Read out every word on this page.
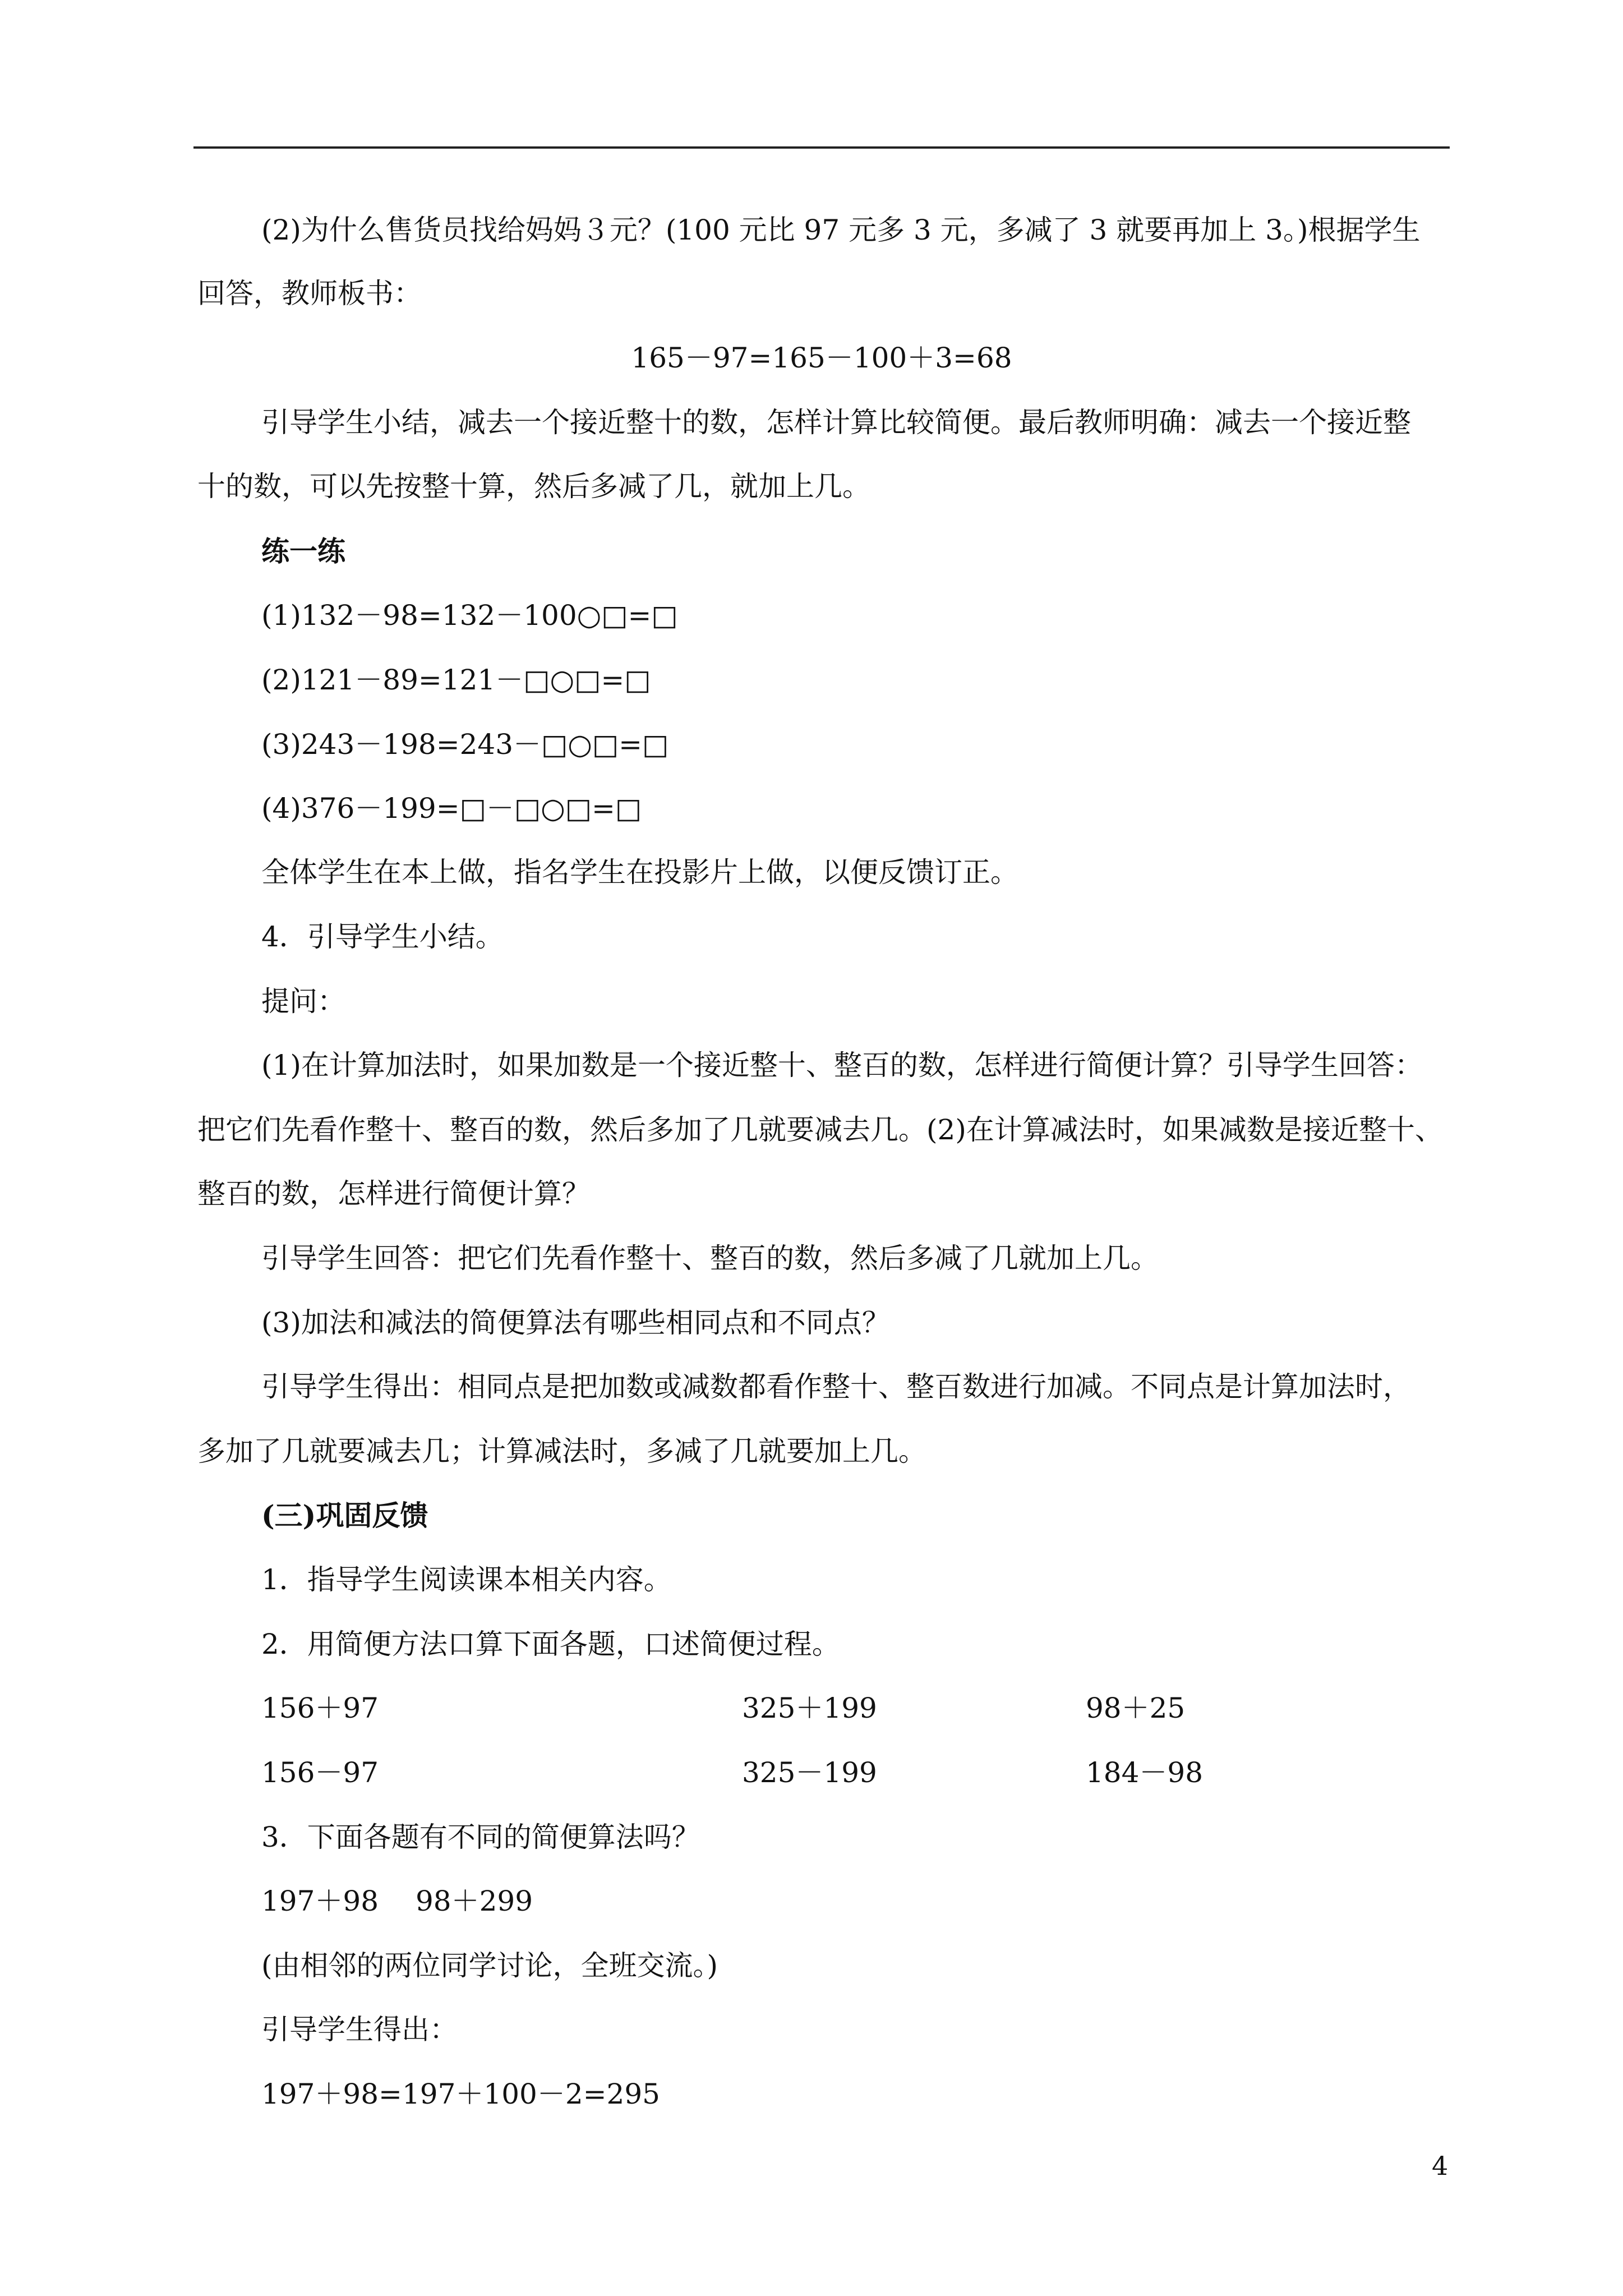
(2)为什么售货员找给妈妈３元？(100 元比 97 元多 3 元，多减了 3 就要再加上 3。)根据学生
回答，教师板书：
165－97=165－100＋3=68
引导学生小结，减去一个接近整十的数，怎样计算比较简便。最后教师明确：减去一个接近整
十的数，可以先按整十算，然后多减了几，就加上几。
练一练
(1)132－98=132－100○□=□
(2)121－89=121－□○□=□
(3)243－198=243－□○□=□
(4)376－199=□－□○□=□
全体学生在本上做，指名学生在投影片上做，以便反馈订正。
4．引导学生小结。
提问：
(1)在计算加法时，如果加数是一个接近整十、整百的数，怎样进行简便计算？引导学生回答：
把它们先看作整十、整百的数，然后多加了几就要减去几。(2)在计算减法时，如果减数是接近整十、
整百的数，怎样进行简便计算？
引导学生回答：把它们先看作整十、整百的数，然后多减了几就加上几。
(3)加法和减法的简便算法有哪些相同点和不同点？
引导学生得出：相同点是把加数或减数都看作整十、整百数进行加减。不同点是计算加法时，
多加了几就要减去几；计算减法时，多减了几就要加上几。
(三)巩固反馈
1．指导学生阅读课本相关内容。
2．用简便方法口算下面各题，口述简便过程。
156＋97	325＋199	98＋25
156－97	325－199	184－98
3．下面各题有不同的简便算法吗？
197＋98　 98＋299
(由相邻的两位同学讨论，全班交流。)
引导学生得出：
197＋98=197＋100－2=295
4
